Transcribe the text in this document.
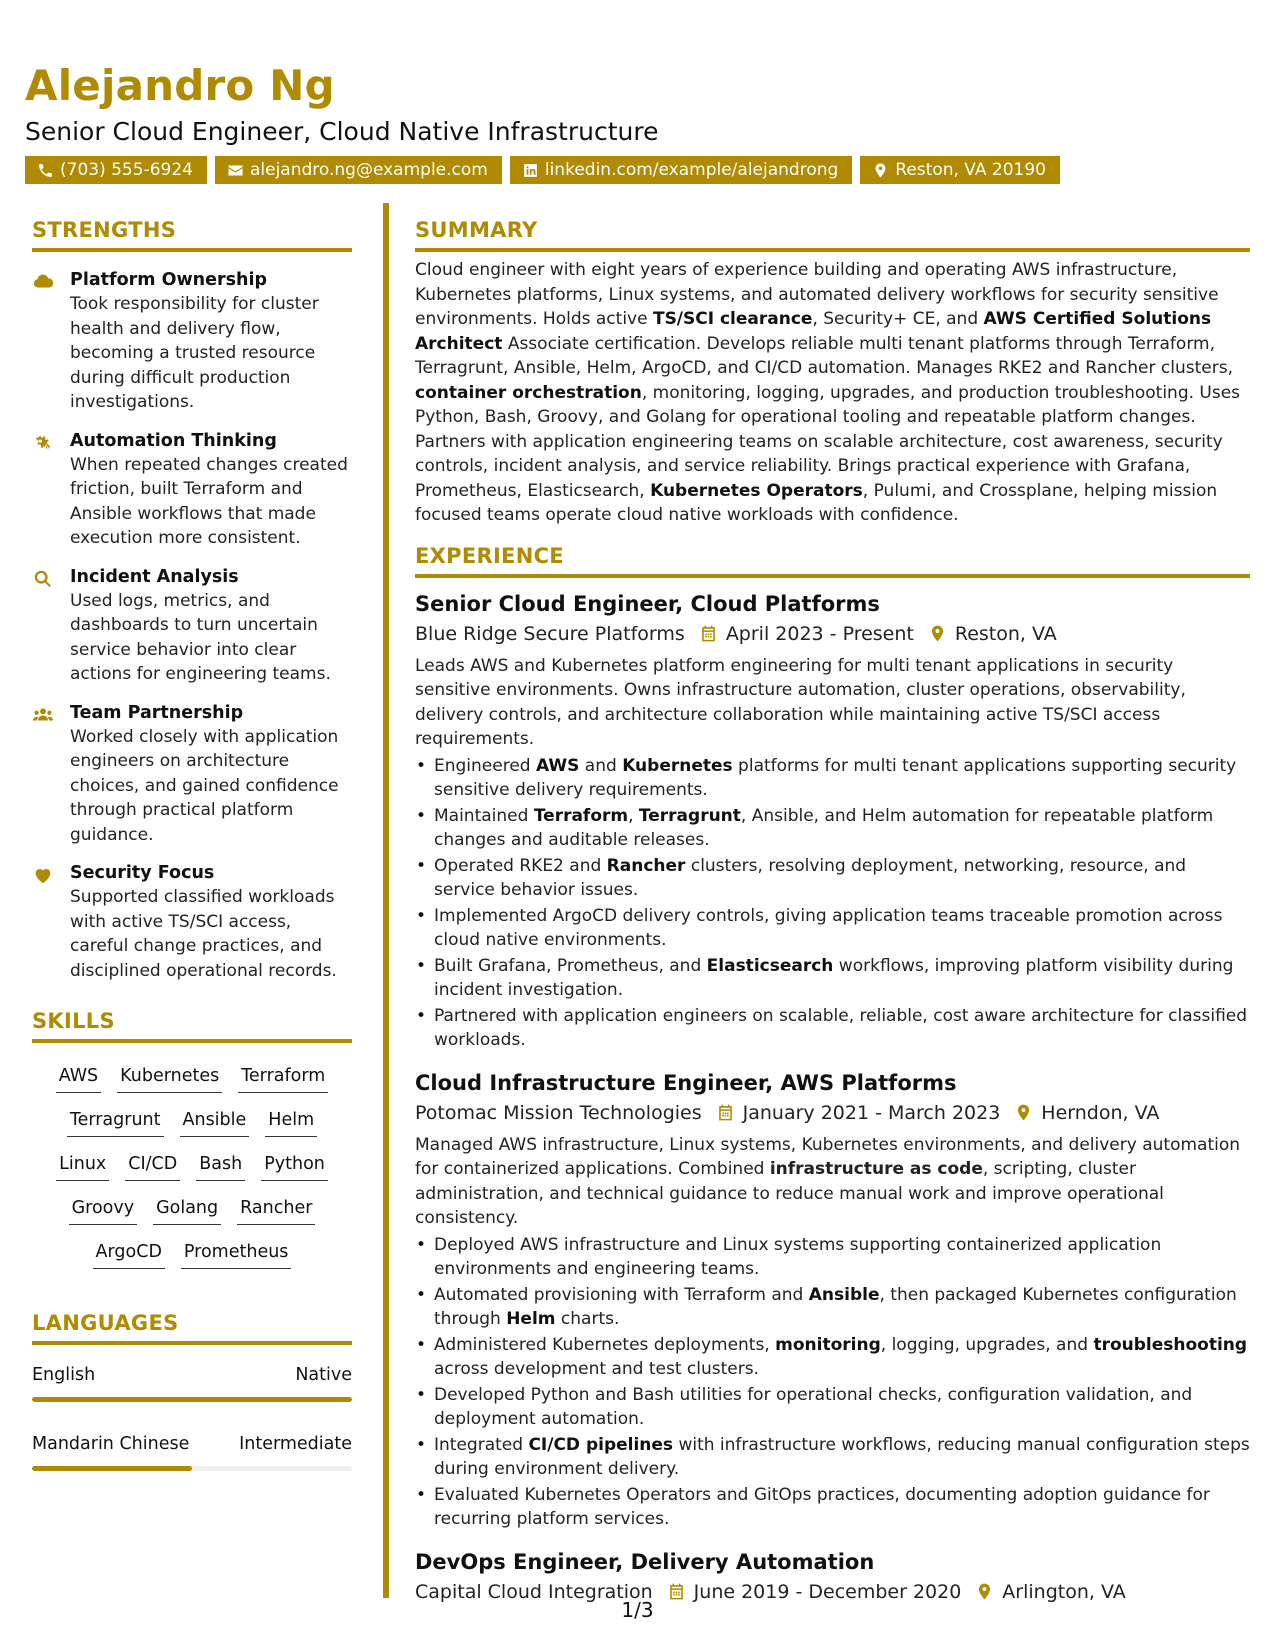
Alejandro Ng
Senior Cloud Engineer, Cloud Native Infrastructure
(703) 555-6924	alejandro.ng@example.com	linkedin.com/example/alejandrong	Reston, VA 20190
STRENGTHS
Platform Ownership
Took responsibility for cluster health and delivery flow, becoming a trusted resource during difficult production investigations.
Automation Thinking
When repeated changes created friction, built Terraform and Ansible workflows that made execution more consistent.
Incident Analysis
Used logs, metrics, and dashboards to turn uncertain service behavior into clear actions for engineering teams.
Team Partnership
Worked closely with application engineers on architecture choices, and gained confidence through practical platform guidance.
Security Focus
Supported classified workloads with active TS/SCI access, careful change practices, and disciplined operational records.
SKILLS
AWS Kubernetes Terraform
Terragrunt Ansible Helm
Linux CI/CD Bash Python
Groovy Golang Rancher
ArgoCD Prometheus
LANGUAGES
English	Native
Mandarin Chinese	Intermediate
SUMMARY
Cloud engineer with eight years of experience building and operating AWS infrastructure, Kubernetes platforms, Linux systems, and automated delivery workflows for security sensitive environments. Holds active TS/SCI clearance, Security+ CE, and AWS Certified Solutions Architect Associate certification. Develops reliable multi tenant platforms through Terraform, Terragrunt, Ansible, Helm, ArgoCD, and CI/CD automation. Manages RKE2 and Rancher clusters, container orchestration, monitoring, logging, upgrades, and production troubleshooting. Uses Python, Bash, Groovy, and Golang for operational tooling and repeatable platform changes. Partners with application engineering teams on scalable architecture, cost awareness, security controls, incident analysis, and service reliability. Brings practical experience with Grafana, Prometheus, Elasticsearch, Kubernetes Operators, Pulumi, and Crossplane, helping mission focused teams operate cloud native workloads with confidence.
EXPERIENCE
Senior Cloud Engineer, Cloud Platforms
Blue Ridge Secure Platforms April 2023 - Present Reston, VA
Leads AWS and Kubernetes platform engineering for multi tenant applications in security sensitive environments. Owns infrastructure automation, cluster operations, observability, delivery controls, and architecture collaboration while maintaining active TS/SCI access requirements.
• Engineered AWS and Kubernetes platforms for multi tenant applications supporting security sensitive delivery requirements.
• Maintained Terraform, Terragrunt, Ansible, and Helm automation for repeatable platform changes and auditable releases.
• Operated RKE2 and Rancher clusters, resolving deployment, networking, resource, and service behavior issues.
• Implemented ArgoCD delivery controls, giving application teams traceable promotion across cloud native environments.
• Built Grafana, Prometheus, and Elasticsearch workflows, improving platform visibility during incident investigation.
• Partnered with application engineers on scalable, reliable, cost aware architecture for classified workloads.
Cloud Infrastructure Engineer, AWS Platforms
Potomac Mission Technologies January 2021 - March 2023 Herndon, VA
Managed AWS infrastructure, Linux systems, Kubernetes environments, and delivery automation for containerized applications. Combined infrastructure as code, scripting, cluster administration, and technical guidance to reduce manual work and improve operational consistency.
• Deployed AWS infrastructure and Linux systems supporting containerized application environments and engineering teams.
• Automated provisioning with Terraform and Ansible, then packaged Kubernetes configuration through Helm charts.
• Administered Kubernetes deployments, monitoring, logging, upgrades, and troubleshooting across development and test clusters.
• Developed Python and Bash utilities for operational checks, configuration validation, and deployment automation.
• Integrated CI/CD pipelines with infrastructure workflows, reducing manual configuration steps during environment delivery.
• Evaluated Kubernetes Operators and GitOps practices, documenting adoption guidance for recurring platform services.
DevOps Engineer, Delivery Automation
Capital Cloud Integration June 2019 - December 2020 Arlington, VA
1/3
